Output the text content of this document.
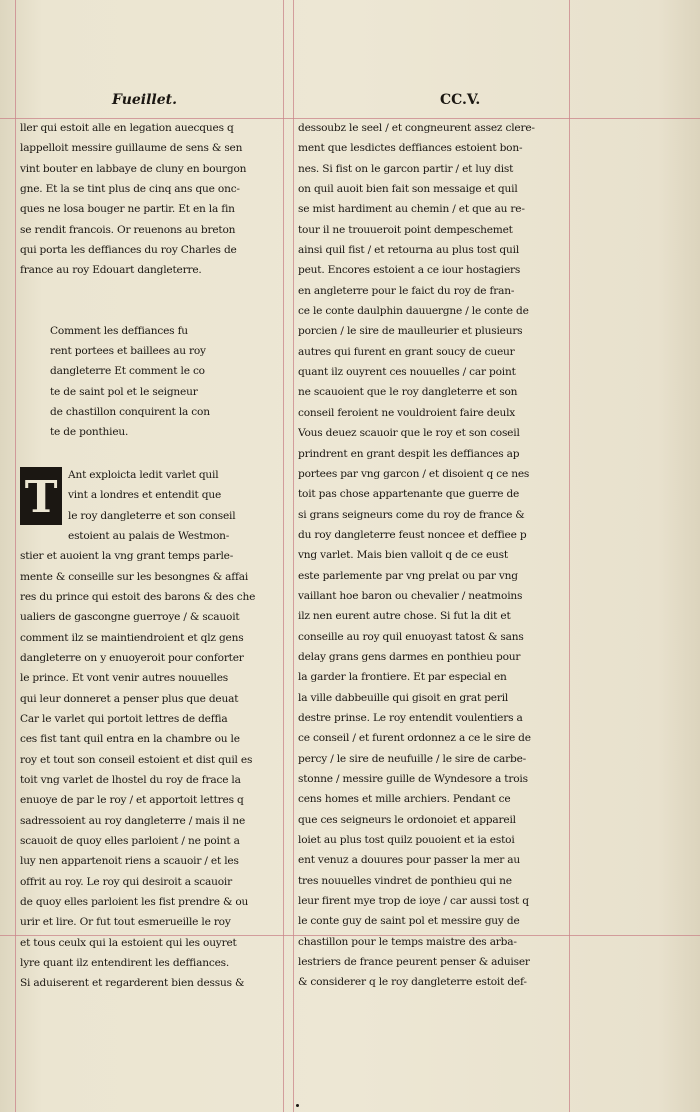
Fueillet.	CC.V.
ller qui estoit alle en legation auecques q
lappelloit messire guillaume de sens & sen
vint bouter en labbaye de cluny en bourgon
gne. Et la se tint plus de cinq ans que onc-
ques ne losa bouger ne partir. Et en la fin
se rendit francois. Or reuenons au breton
qui porta les deffiances du roy Charles de
france au roy Edouart dangleterre.
Comment les deffiances fu
rent portees et baillees au roy
dangleterre Et comment le co
te de saint pol et le seigneur
de chastillon conquirent la con
te de ponthieu.
T	Ant exploicta ledit varlet quil
vint a londres et entendit que
le roy dangleterre et son conseil
estoient au palais de Westmon-
stier et auoient la vng grant temps parle-
mente & conseille sur les besongnes & affai
res du prince qui estoit des barons & des che
ualiers de gascongne guerroye / & scauoit
comment ilz se maintiendroient et qlz gens
dangleterre on y enuoyeroit pour conforter
le prince. Et vont venir autres nouuelles
qui leur donneret a penser plus que deuat
Car le varlet qui portoit lettres de deffia
ces fist tant quil entra en la chambre ou le
roy et tout son conseil estoient et dist quil es
toit vng varlet de lhostel du roy de frace la
enuoye de par le roy / et apportoit lettres q
sadressoient au roy dangleterre / mais il ne
scauoit de quoy elles parloient / ne point a
luy nen appartenoit riens a scauoir / et les
offrit au roy. Le roy qui desiroit a scauoir
de quoy elles parloient les fist prendre & ou
urir et lire. Or fut tout esmerueille le roy
et tous ceulx qui la estoient qui les ouyret
lyre quant ilz entendirent les deffiances.
Si aduiserent et regarderent bien dessus &
dessoubz le seel / et congneurent assez clere-
ment que lesdictes deffiances estoient bon-
nes. Si fist on le garcon partir / et luy dist
on quil auoit bien fait son messaige et quil
se mist hardiment au chemin / et que au re-
tour il ne trouueroit point dempeschemet
ainsi quil fist / et retourna au plus tost quil
peut. Encores estoient a ce iour hostagiers
en angleterre pour le faict du roy de fran-
ce le conte daulphin dauuergne / le conte de
porcien / le sire de maulleurier et plusieurs
autres qui furent en grant soucy de cueur
quant ilz ouyrent ces nouuelles / car point
ne scauoient que le roy dangleterre et son
conseil feroient ne vouldroient faire deulx
Vous deuez scauoir que le roy et son coseil
prindrent en grant despit les deffiances ap
portees par vng garcon / et disoient q ce nes
toit pas chose appartenante que guerre de
si grans seigneurs come du roy de france &
du roy dangleterre feust noncee et deffiee p
vng varlet. Mais bien valloit q de ce eust
este parlemente par vng prelat ou par vng
vaillant hoe baron ou chevalier / neatmoins
ilz nen eurent autre chose. Si fut la dit et
conseille au roy quil enuoyast tatost & sans
delay grans gens darmes en ponthieu pour
la garder la frontiere. Et par especial en
la ville dabbeuille qui gisoit en grat peril
destre prinse. Le roy entendit voulentiers a
ce conseil / et furent ordonnez a ce le sire de
percy / le sire de neufuille / le sire de carbe-
stonne / messire guille de Wyndesore a trois
cens homes et mille archiers. Pendant ce
que ces seigneurs le ordonoiet et appareil
loiet au plus tost quilz pouoient et ia estoi
ent venuz a douures pour passer la mer au
tres nouuelles vindret de ponthieu qui ne
leur firent mye trop de ioye / car aussi tost q
le conte guy de saint pol et messire guy de
chastillon pour le temps maistre des arba-
lestriers de france peurent penser & aduiser
& considerer q le roy dangleterre estoit def-
